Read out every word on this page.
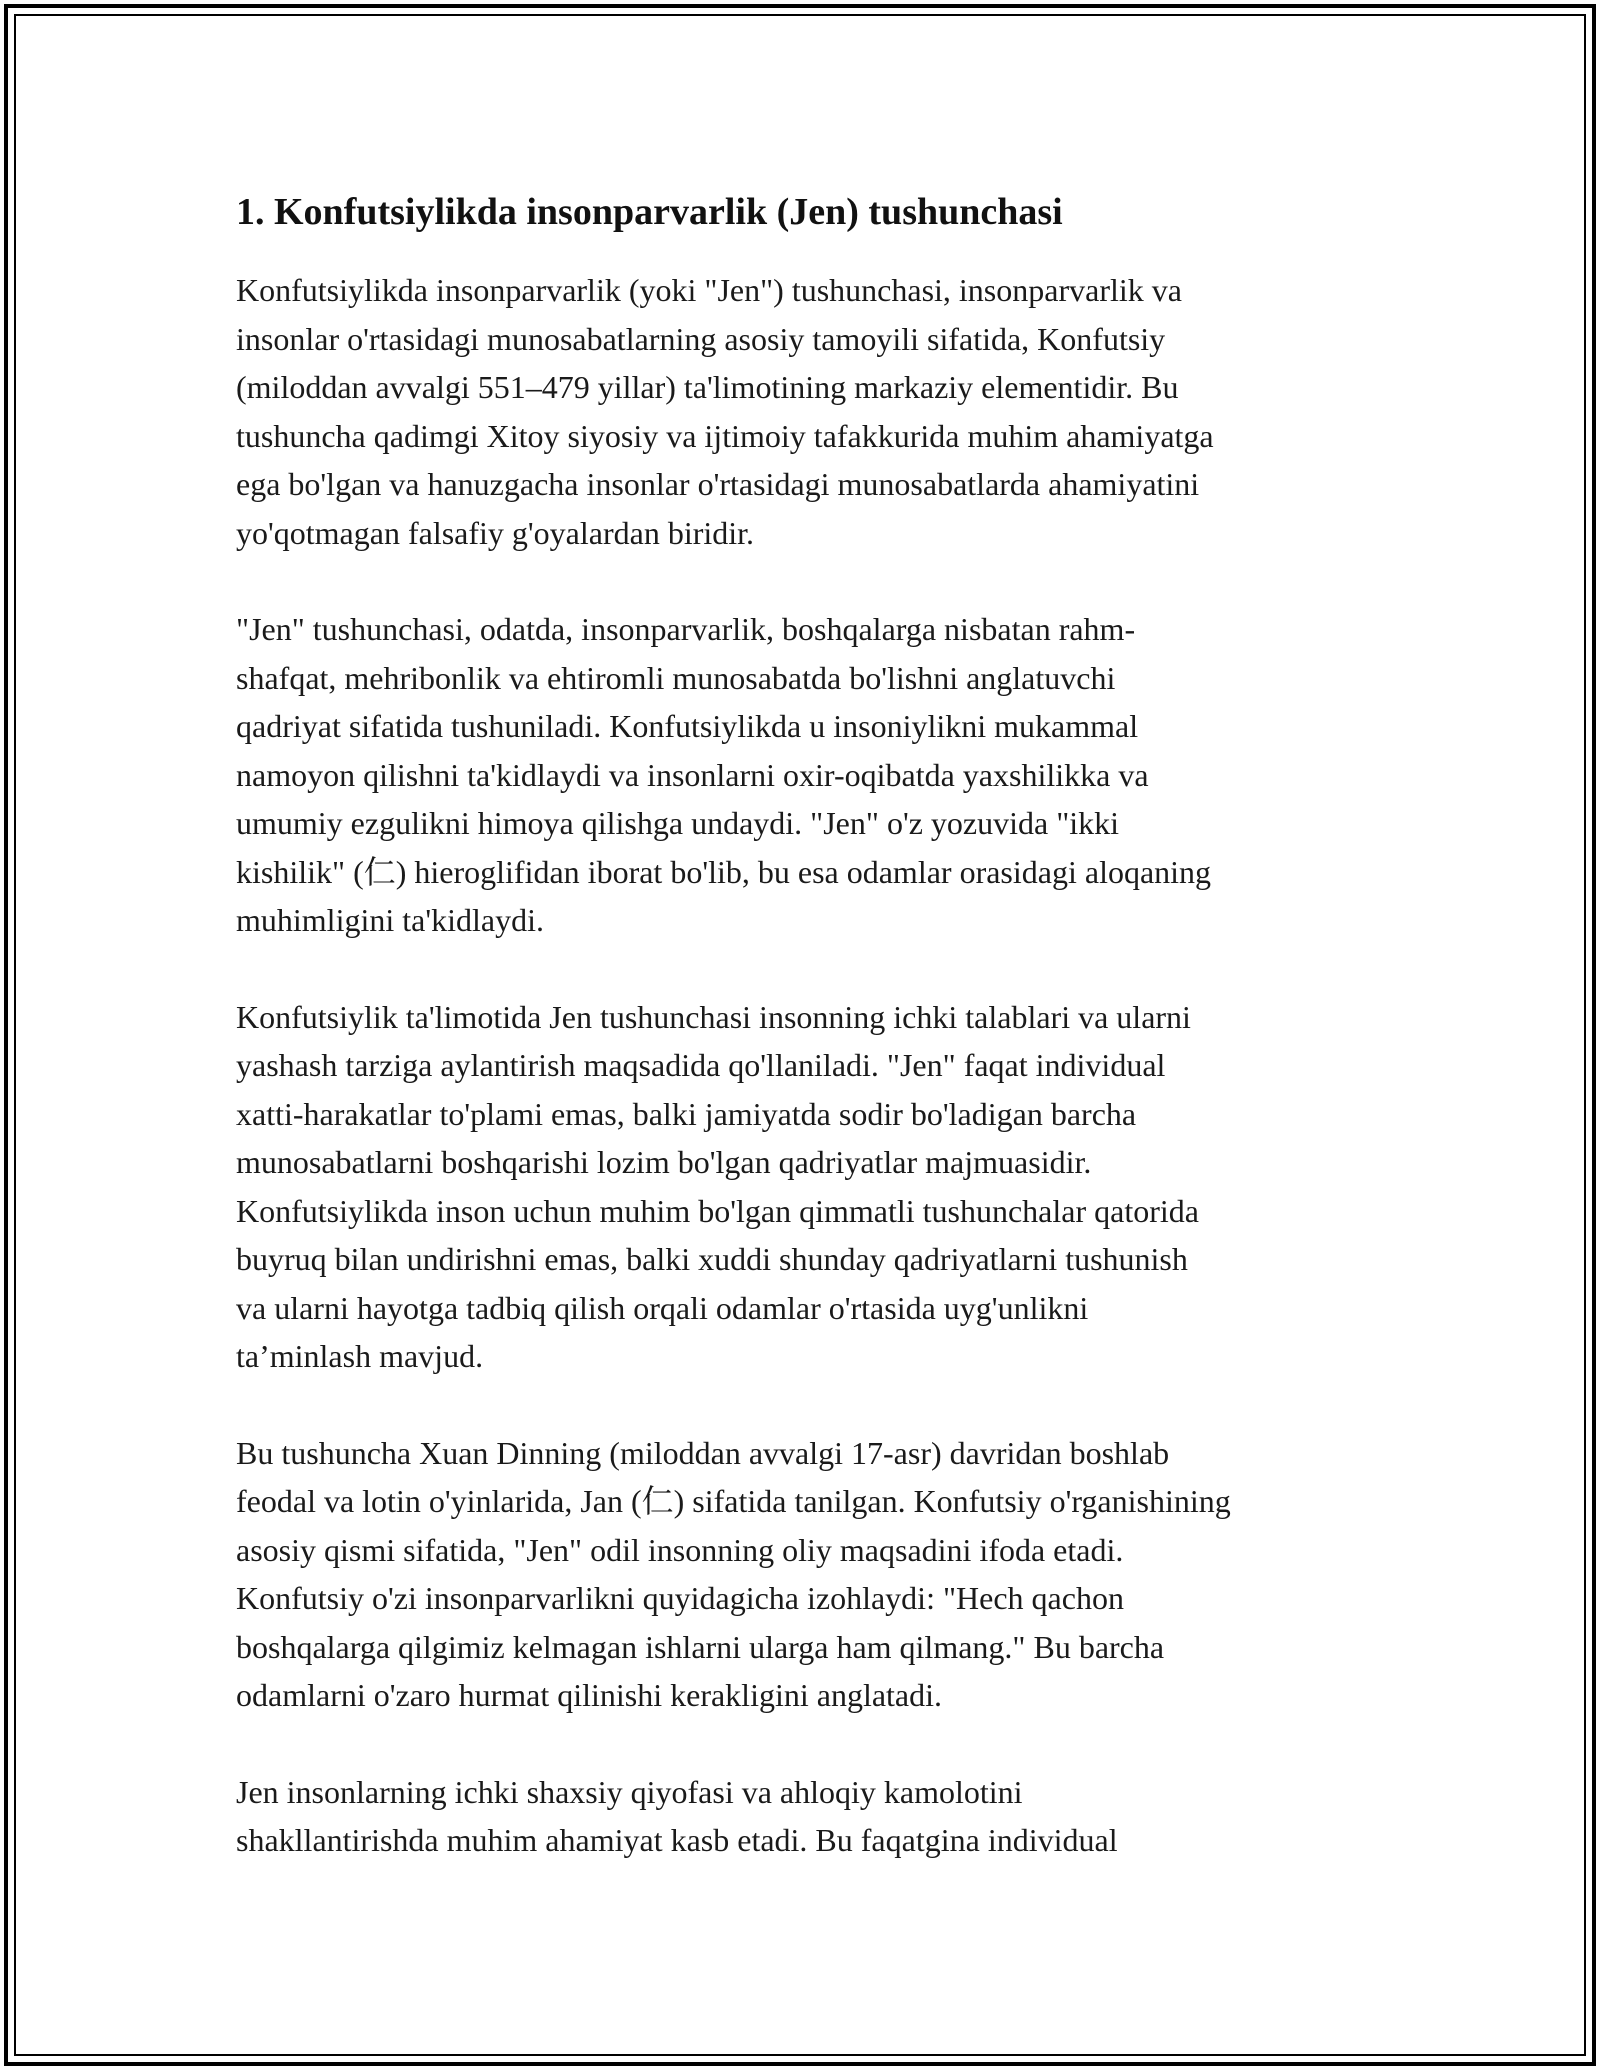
1. Konfutsiylikda insonparvarlik (Jen) tushunchasi

Konfutsiylikda insonparvarlik (yoki "Jen") tushunchasi, insonparvarlik va
insonlar o'rtasidagi munosabatlarning asosiy tamoyili sifatida, Konfutsiy
(miloddan avvalgi 551–479 yillar) ta'limotining markaziy elementidir. Bu
tushuncha qadimgi Xitoy siyosiy va ijtimoiy tafakkurida muhim ahamiyatga
ega bo'lgan va hanuzgacha insonlar o'rtasidagi munosabatlarda ahamiyatini
yo'qotmagan falsafiy g'oyalardan biridir.

"Jen" tushunchasi, odatda, insonparvarlik, boshqalarga nisbatan rahm-
shafqat, mehribonlik va ehtiromli munosabatda bo'lishni anglatuvchi
qadriyat sifatida tushuniladi. Konfutsiylikda u insoniylikni mukammal
namoyon qilishni ta'kidlaydi va insonlarni oxir-oqibatda yaxshilikka va
umumiy ezgulikni himoya qilishga undaydi. "Jen" o'z yozuvida "ikki
kishilik" (仁) hieroglifidan iborat bo'lib, bu esa odamlar orasidagi aloqaning
muhimligini ta'kidlaydi.

Konfutsiylik ta'limotida Jen tushunchasi insonning ichki talablari va ularni
yashash tarziga aylantirish maqsadida qo'llaniladi. "Jen" faqat individual
xatti-harakatlar to'plami emas, balki jamiyatda sodir bo'ladigan barcha
munosabatlarni boshqarishi lozim bo'lgan qadriyatlar majmuasidir.
Konfutsiylikda inson uchun muhim bo'lgan qimmatli tushunchalar qatorida
buyruq bilan undirishni emas, balki xuddi shunday qadriyatlarni tushunish
va ularni hayotga tadbiq qilish orqali odamlar o'rtasida uyg'unlikni
ta’minlash mavjud.

Bu tushuncha Xuan Dinning (miloddan avvalgi 17-asr) davridan boshlab
feodal va lotin o'yinlarida, Jan (仁) sifatida tanilgan. Konfutsiy o'rganishining
asosiy qismi sifatida, "Jen" odil insonning oliy maqsadini ifoda etadi.
Konfutsiy o'zi insonparvarlikni quyidagicha izohlaydi: "Hech qachon
boshqalarga qilgimiz kelmagan ishlarni ularga ham qilmang." Bu barcha
odamlarni o'zaro hurmat qilinishi kerakligini anglatadi.

Jen insonlarning ichki shaxsiy qiyofasi va ahloqiy kamolotini
shakllantirishda muhim ahamiyat kasb etadi. Bu faqatgina individual
